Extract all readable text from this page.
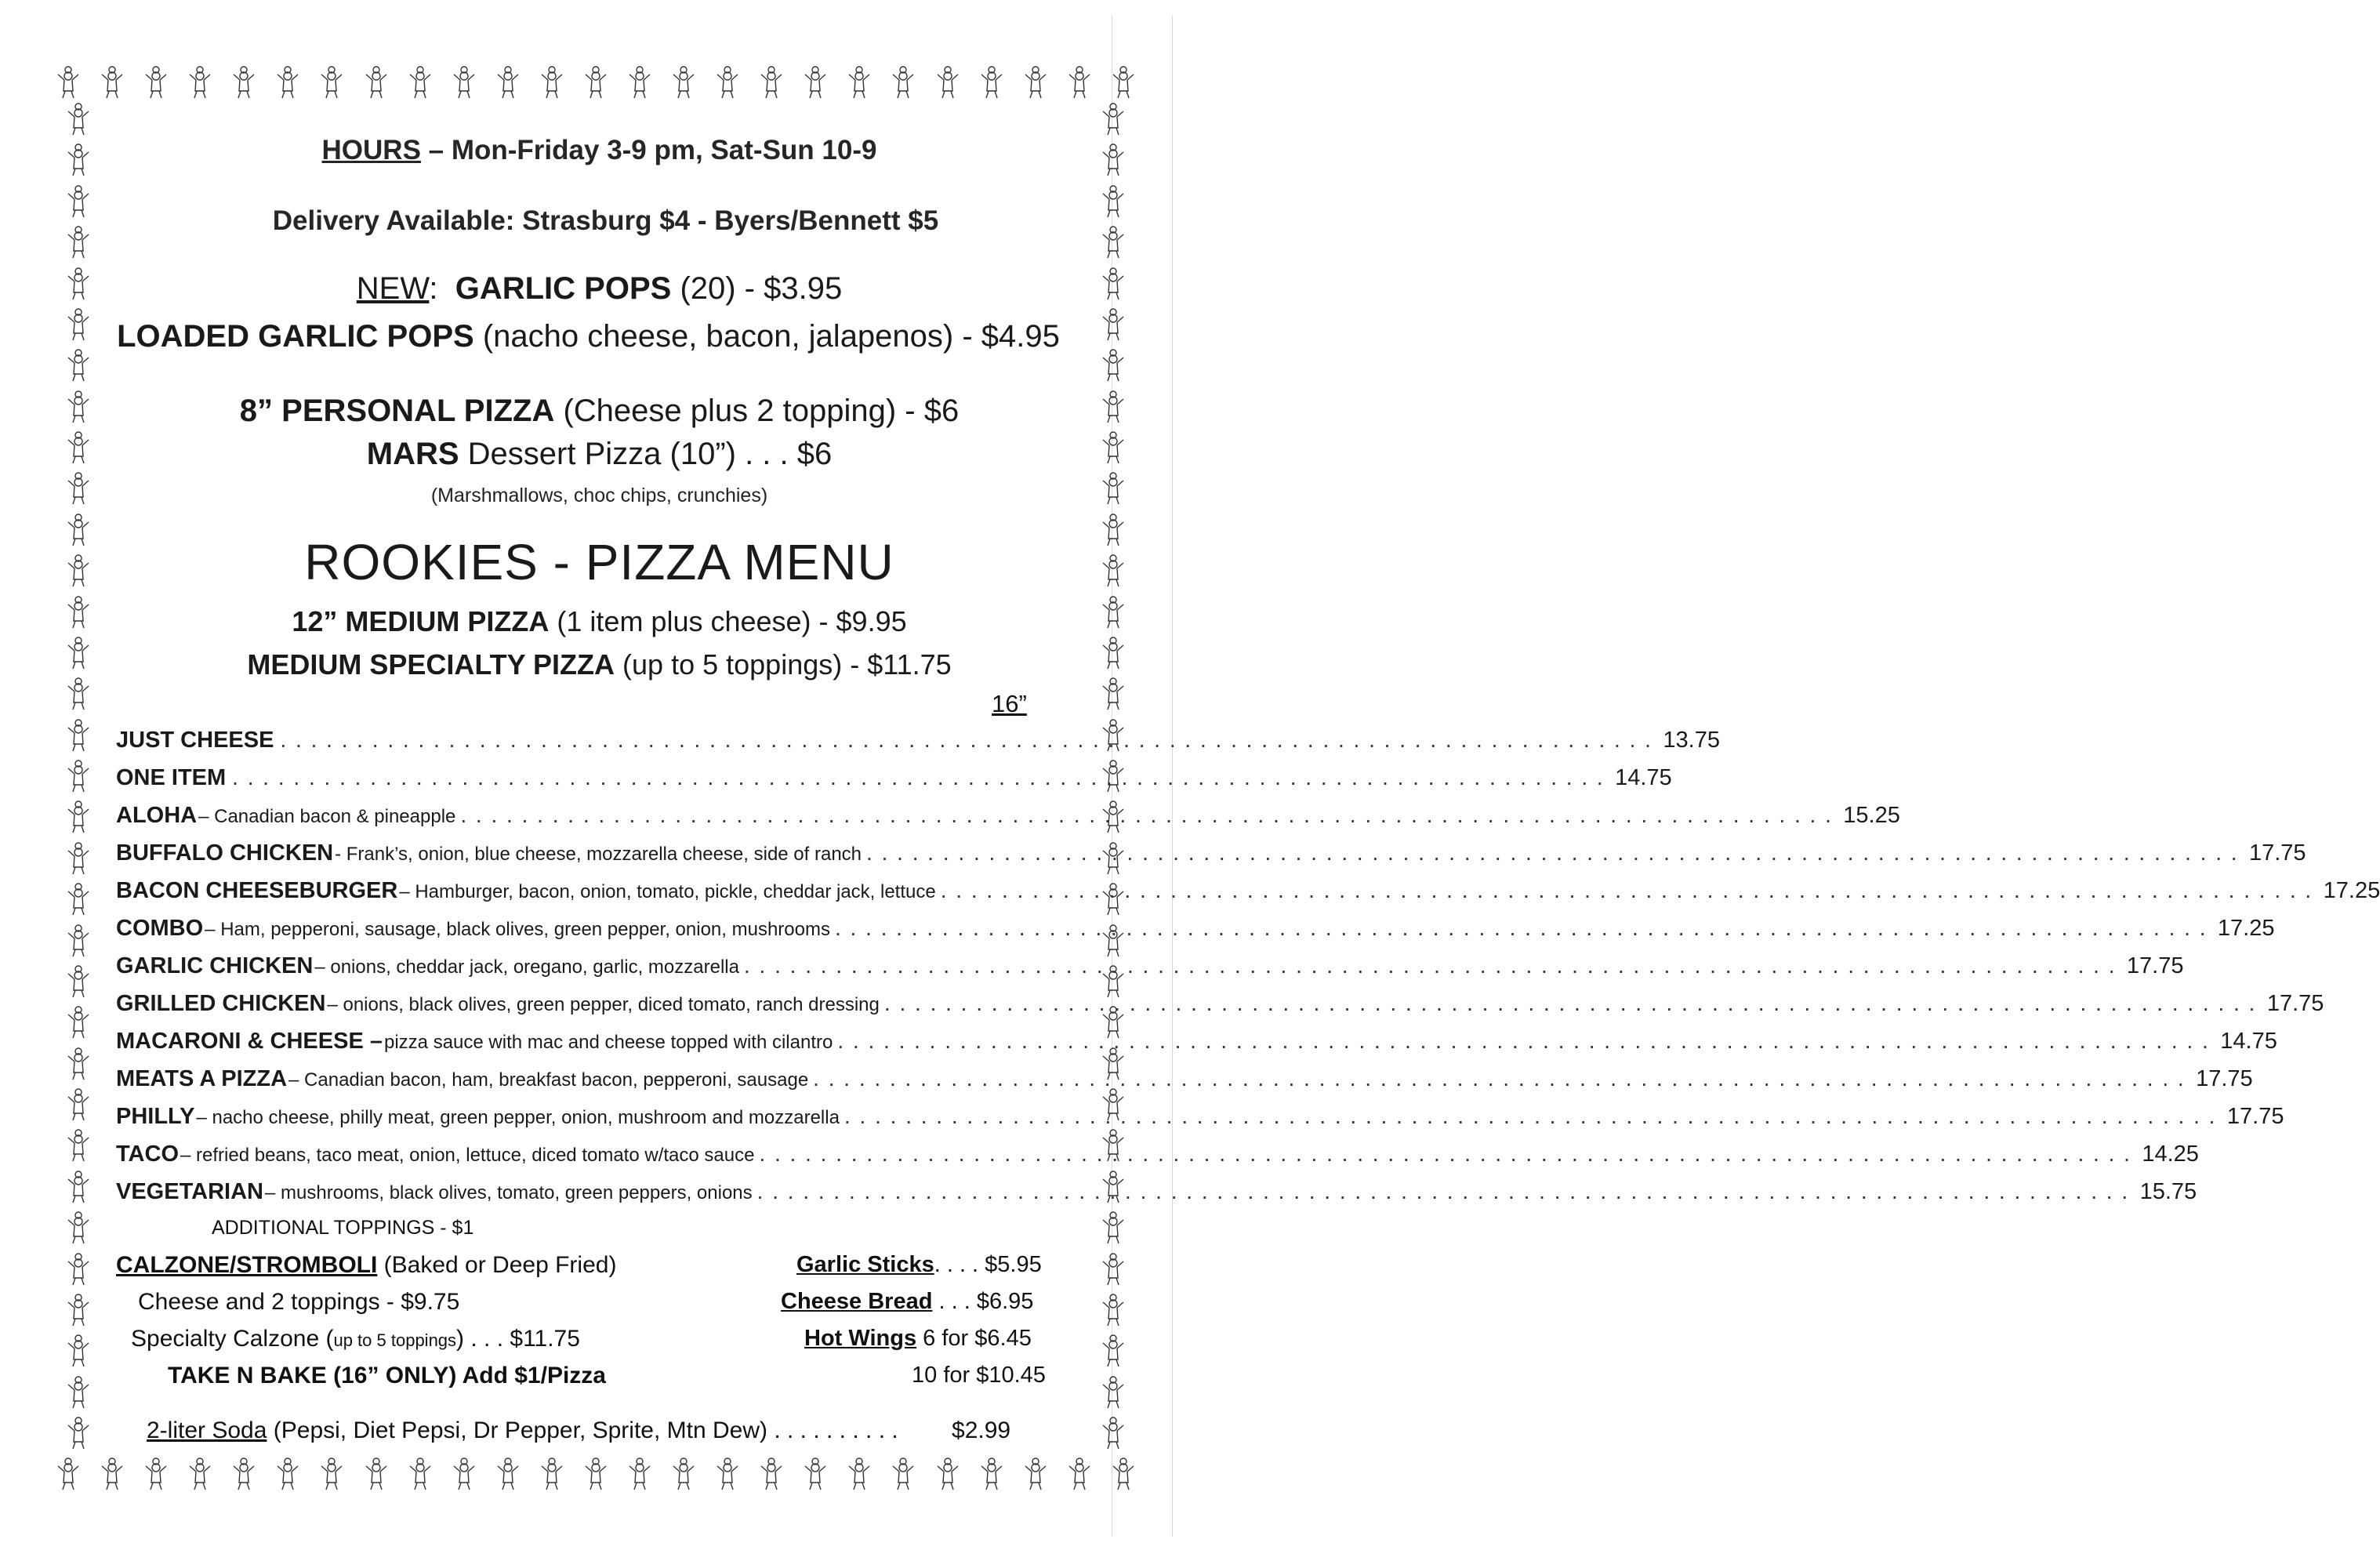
HOURS – Mon-Friday 3-9 pm, Sat-Sun 10-9
Delivery Available: Strasburg $4 - Byers/Bennett $5
NEW:  GARLIC POPS (20) - $3.95
LOADED GARLIC POPS (nacho cheese, bacon, jalapenos) - $4.95
8” PERSONAL PIZZA (Cheese plus 2 topping) - $6
MARS Dessert Pizza (10”) . . . $6
(Marshmallows, choc chips, crunchies)
ROOKIES - PIZZA MENU
12” MEDIUM PIZZA (1 item plus cheese) - $9.95
MEDIUM SPECIALTY PIZZA (up to 5 toppings) - $11.75
16”
JUST CHEESE . . . . . . . . . . . . . . . . . . . . . . . . . . . . . . . . . . . . . . . . . . . . . . . . . . . . . . . . . . . . . . . . . . . . . . . . . . . . . . . . . . . . . . . . . . 13.75
ONE ITEM . . . . . . . . . . . . . . . . . . . . . . . . . . . . . . . . . . . . . . . . . . . . . . . . . . . . . . . . . . . . . . . . . . . . . . . . . . . . . . . . . . . . . . . . . . 14.75
ALOHA – Canadian bacon & pineapple . . . . . . . . . . . . . . . . . . . . . . . . . . . . . . . . . . . . . . . . . . . . . . . . . . . . . . . . . . . . . . . . . . . . . . . . . . . . . . . . . . . . . . . . . . 15.25
BUFFALO CHICKEN - Frank’s, onion, blue cheese, mozzarella cheese, side of ranch . . . . . . . . . . . . . . . . . . . . . . . . . . . . . . . . . . . . . . . . . . . . . . . . . . . . . . . . . . . . . . . . . . . . . . . . . . . . . . . . . . . . . . . . . . 17.75
BACON CHEESEBURGER – Hamburger, bacon, onion, tomato, pickle, cheddar jack, lettuce . . . . . . . . . . . . . . . . . . . . . . . . . . . . . . . . . . . . . . . . . . . . . . . . . . . . . . . . . . . . . . . . . . . . . . . . . . . . . . . . . . . . . . . . . . 17.25
COMBO – Ham, pepperoni, sausage, black olives, green pepper, onion, mushrooms . . . . . . . . . . . . . . . . . . . . . . . . . . . . . . . . . . . . . . . . . . . . . . . . . . . . . . . . . . . . . . . . . . . . . . . . . . . . . . . . . . . . . . . . . . 17.25
GARLIC CHICKEN – onions, cheddar jack, oregano, garlic, mozzarella . . . . . . . . . . . . . . . . . . . . . . . . . . . . . . . . . . . . . . . . . . . . . . . . . . . . . . . . . . . . . . . . . . . . . . . . . . . . . . . . . . . . . . . . . . 17.75
GRILLED CHICKEN – onions, black olives, green pepper, diced tomato, ranch dressing . . . . . . . . . . . . . . . . . . . . . . . . . . . . . . . . . . . . . . . . . . . . . . . . . . . . . . . . . . . . . . . . . . . . . . . . . . . . . . . . . . . . . . . . . . 17.75
MACARONI & CHEESE – pizza sauce with mac and cheese topped with cilantro . . . . . . . . . . . . . . . . . . . . . . . . . . . . . . . . . . . . . . . . . . . . . . . . . . . . . . . . . . . . . . . . . . . . . . . . . . . . . . . . . . . . . . . . . . 14.75
MEATS A PIZZA – Canadian bacon, ham, breakfast bacon, pepperoni, sausage . . . . . . . . . . . . . . . . . . . . . . . . . . . . . . . . . . . . . . . . . . . . . . . . . . . . . . . . . . . . . . . . . . . . . . . . . . . . . . . . . . . . . . . . . . 17.75
PHILLY – nacho cheese, philly meat, green pepper, onion, mushroom and mozzarella . . . . . . . . . . . . . . . . . . . . . . . . . . . . . . . . . . . . . . . . . . . . . . . . . . . . . . . . . . . . . . . . . . . . . . . . . . . . . . . . . . . . . . . . . . 17.75
TACO – refried beans, taco meat, onion, lettuce, diced tomato w/taco sauce . . . . . . . . . . . . . . . . . . . . . . . . . . . . . . . . . . . . . . . . . . . . . . . . . . . . . . . . . . . . . . . . . . . . . . . . . . . . . . . . . . . . . . . . . . 14.25
VEGETARIAN – mushrooms, black olives, tomato, green peppers, onions . . . . . . . . . . . . . . . . . . . . . . . . . . . . . . . . . . . . . . . . . . . . . . . . . . . . . . . . . . . . . . . . . . . . . . . . . . . . . . . . . . . . . . . . . . 15.75
ADDITIONAL TOPPINGS - $1
CALZONE/STROMBOLI (Baked or Deep Fried)
Cheese and 2 toppings - $9.75
Specialty Calzone (up to 5 toppings) . . . $11.75
TAKE N BAKE (16” ONLY) Add $1/Pizza
Garlic Sticks. . . . $5.95
Cheese Bread . . . $6.95
Hot Wings 6 for $6.45
10 for $10.45
2-liter Soda (Pepsi, Diet Pepsi, Dr Pepper, Sprite, Mtn Dew) . . . . . . . . . . $2.99
